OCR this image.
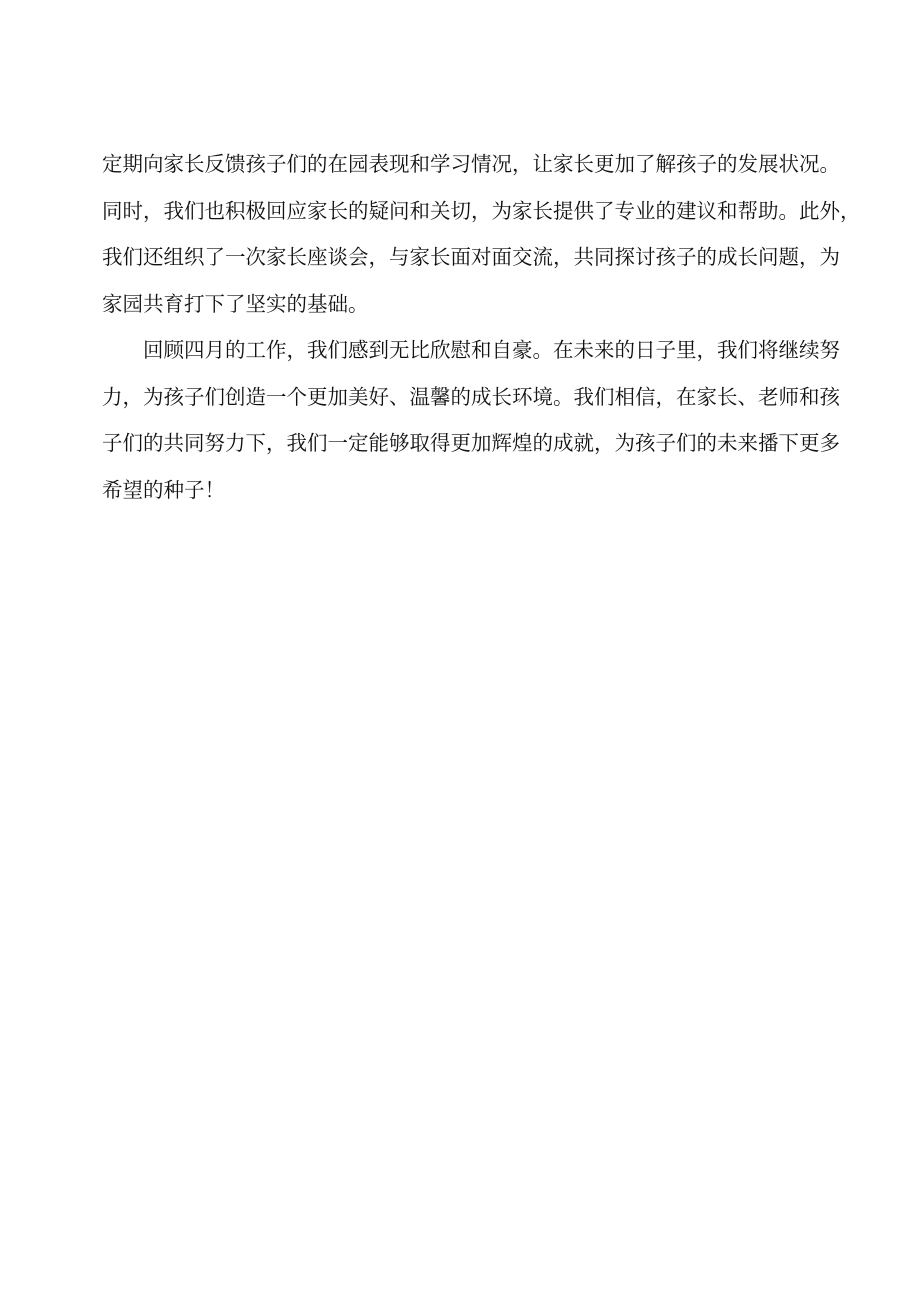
定期向家长反馈孩子们的在园表现和学习情况，让家长更加了解孩子的发展状况。
同时，我们也积极回应家长的疑问和关切，为家长提供了专业的建议和帮助。此外，
我们还组织了一次家长座谈会，与家长面对面交流，共同探讨孩子的成长问题，为
家园共育打下了坚实的基础。
回顾四月的工作，我们感到无比欣慰和自豪。在未来的日子里，我们将继续努
力，为孩子们创造一个更加美好、温馨的成长环境。我们相信，在家长、老师和孩
子们的共同努力下，我们一定能够取得更加辉煌的成就，为孩子们的未来播下更多
希望的种子！
